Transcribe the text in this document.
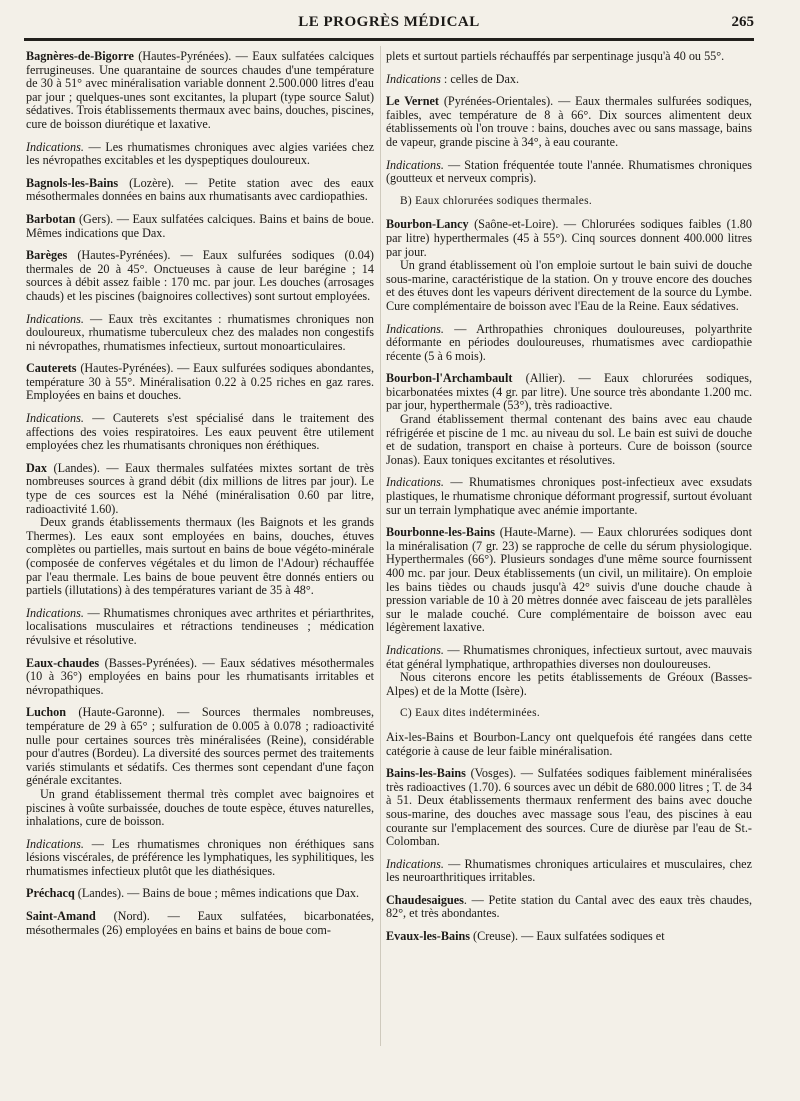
LE PROGRÈS MÉDICAL	265

Bagnères-de-Bigorre (Hautes-Pyrénées). — Eaux sulfatées calciques ferrugineuses. Une quarantaine de sources chaudes d'une température de 30 à 51° avec minéralisation variable donnent 2.500.000 litres d'eau par jour ; quelques-unes sont excitantes, la plupart (type source Salut) sédatives. Trois établissements thermaux avec bains, douches, piscines, cure de boisson diurétique et laxative.

Indications. — Les rhumatismes chroniques avec algies variées chez les névropathes excitables et les dyspeptiques douloureux.

Bagnols-les-Bains (Lozère). — Petite station avec des eaux mésothermales données en bains aux rhumatisants avec cardiopathies.

Barbotan (Gers). — Eaux sulfatées calciques. Bains et bains de boue. Mêmes indications que Dax.

Barèges (Hautes-Pyrénées). — Eaux sulfurées sodiques (0.04) thermales de 20 à 45°. Onctueuses à cause de leur barégine ; 14 sources à débit assez faible : 170 mc. par jour. Les douches (arrosages chauds) et les piscines (baignoires collectives) sont surtout employées.

Indications. — Eaux très excitantes : rhumatismes chroniques non douloureux, rhumatisme tuberculeux chez des malades non congestifs ni névropathes, rhumatismes infectieux, surtout monoarticulaires.

Cauterets (Hautes-Pyrénées). — Eaux sulfurées sodiques abondantes, température 30 à 55°. Minéralisation 0.22 à 0.25 riches en gaz rares. Employées en bains et douches.

Indications. — Cauterets s'est spécialisé dans le traitement des affections des voies respiratoires. Les eaux peuvent être utilement employées chez les rhumatisants chroniques non éréthiques.

Dax (Landes). — Eaux thermales sulfatées mixtes sortant de très nombreuses sources à grand débit (dix millions de litres par jour). Le type de ces sources est la Néhé (minéralisation 0.60 par litre, radioactivité 1.60).

Deux grands établissements thermaux (les Baignots et les grands Thermes). Les eaux sont employées en bains, douches, étuves complètes ou partielles, mais surtout en bains de boue végéto-minérale (composée de conferves végétales et du limon de l'Adour) réchauffée par l'eau thermale. Les bains de boue peuvent être donnés entiers ou partiels (illutations) à des températures variant de 35 à 48°.

Indications. — Rhumatismes chroniques avec arthrites et périarthrites, localisations musculaires et rétractions tendineuses ; médication révulsive et résolutive.

Eaux-chaudes (Basses-Pyrénées). — Eaux sédatives mésothermales (10 à 36°) employées en bains pour les rhumatisants irritables et névropathiques.

Luchon (Haute-Garonne). — Sources thermales nombreuses, température de 29 à 65° ; sulfuration de 0.005 à 0.078 ; radioactivité nulle pour certaines sources très minéralisées (Reine), considérable pour d'autres (Bordeu). La diversité des sources permet des traitements variés stimulants et sédatifs. Ces thermes sont cependant d'une façon générale excitantes.

Un grand établissement thermal très complet avec baignoires et piscines à voûte surbaissée, douches de toute espèce, étuves naturelles, inhalations, cure de boisson.

Indications. — Les rhumatismes chroniques non éréthiques sans lésions viscérales, de préférence les lymphatiques, les syphilitiques, les rhumatismes infectieux plutôt que les diathésiques.

Préchacq (Landes). — Bains de boue ; mêmes indications que Dax.

Saint-Amand (Nord). — Eaux sulfatées, bicarbonatées, mésothermales (26) employées en bains et bains de boue com-

plets et surtout partiels réchauffés par serpentinage jusqu'à 40 ou 55°.

Indications : celles de Dax.

Le Vernet (Pyrénées-Orientales). — Eaux thermales sulfurées sodiques, faibles, avec température de 8 à 66°. Dix sources alimentent deux établissements où l'on trouve : bains, douches avec ou sans massage, bains de vapeur, grande piscine à 34°, à eau courante.

Indications. — Station fréquentée toute l'année. Rhumatismes chroniques (goutteux et nerveux compris).

B) Eaux chlorurées sodiques thermales.

Bourbon-Lancy (Saône-et-Loire). — Chlorurées sodiques faibles (1.80 par litre) hyperthermales (45 à 55°). Cinq sources donnent 400.000 litres par jour.

Un grand établissement où l'on emploie surtout le bain suivi de douche sous-marine, caractéristique de la station. On y trouve encore des douches et des étuves dont les vapeurs dérivent directement de la source du Lymbe. Cure complémentaire de boisson avec l'Eau de la Reine. Eaux sédatives.

Indications. — Arthropathies chroniques douloureuses, polyarthrite déformante en périodes douloureuses, rhumatismes avec cardiopathie récente (5 à 6 mois).

Bourbon-l'Archambault (Allier). — Eaux chlorurées sodiques, bicarbonatées mixtes (4 gr. par litre). Une source très abondante 1.200 mc. par jour, hyperthermale (53°), très radioactive.

Grand établissement thermal contenant des bains avec eau chaude réfrigérée et piscine de 1 mc. au niveau du sol. Le bain est suivi de douche et de sudation, transport en chaise à porteurs. Cure de boisson (source Jonas). Eaux toniques excitantes et résolutives.

Indications. — Rhumatismes chroniques post-infectieux avec exsudats plastiques, le rhumatisme chronique déformant progressif, surtout évoluant sur un terrain lymphatique avec anémie importante.

Bourbonne-les-Bains (Haute-Marne). — Eaux chlorurées sodiques dont la minéralisation (7 gr. 23) se rapproche de celle du sérum physiologique. Hyperthermales (66°). Plusieurs sondages d'une même source fournissent 400 mc. par jour. Deux établissements (un civil, un militaire). On emploie les bains tièdes ou chauds jusqu'à 42° suivis d'une douche chaude à pression variable de 10 à 20 mètres donnée avec faisceau de jets parallèles sur le malade couché. Cure complémentaire de boisson avec eau légèrement laxative.

Indications. — Rhumatismes chroniques, infectieux surtout, avec mauvais état général lymphatique, arthropathies diverses non douloureuses.

Nous citerons encore les petits établissements de Gréoux (Basses-Alpes) et de la Motte (Isère).

C) Eaux dites indéterminées.

Aix-les-Bains et Bourbon-Lancy ont quelquefois été rangées dans cette catégorie à cause de leur faible minéralisation.

Bains-les-Bains (Vosges). — Sulfatées sodiques faiblement minéralisées très radioactives (1.70). 6 sources avec un débit de 680.000 litres ; T. de 34 à 51. Deux établissements thermaux renferment des bains avec douche sous-marine, des douches avec massage sous l'eau, des piscines à eau courante sur l'emplacement des sources. Cure de diurèse par l'eau de St.-Colomban.

Indications. — Rhumatismes chroniques articulaires et musculaires, chez les neuroarthritiques irritables.

Chaudesaigues. — Petite station du Cantal avec des eaux très chaudes, 82°, et très abondantes.

Evaux-les-Bains (Creuse). — Eaux sulfatées sodiques et
